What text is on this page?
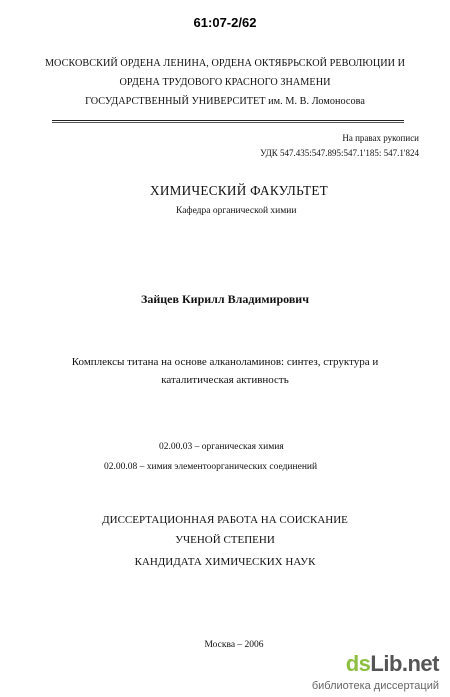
61:07-2/62
МОСКОВСКИЙ ОРДЕНА ЛЕНИНА, ОРДЕНА ОКТЯБРЬСКОЙ РЕВОЛЮЦИИ И
ОРДЕНА ТРУДОВОГО КРАСНОГО ЗНАМЕНИ
ГОСУДАРСТВЕННЫЙ УНИВЕРСИТЕТ им. М. В. Ломоносова
На правах рукописи
УДК 547.435:547.895:547.1'185: 547.1'824
ХИМИЧЕСКИЙ ФАКУЛЬТЕТ
Кафедра органической химии
Зайцев Кирилл Владимирович
Комплексы титана на основе алканоламинов: синтез, структура и
каталитическая активность
02.00.03 – органическая химия
02.00.08 – химия элементоорганических соединений
ДИССЕРТАЦИОННАЯ РАБОТА НА СОИСКАНИЕ
УЧЕНОЙ СТЕПЕНИ
КАНДИДАТА ХИМИЧЕСКИХ НАУК
Москва – 2006
dsLib.net
библиотека диссертаций
